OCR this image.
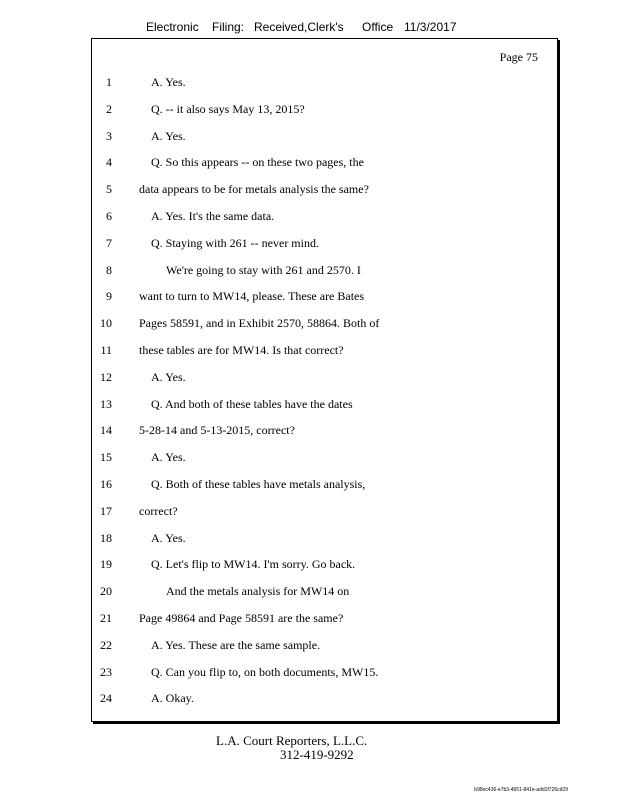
Electronic Filing: Received,Clerk's Office 11/3/2017
Page 75
1	A. Yes.
2	Q. -- it also says May 13, 2015?
3	A. Yes.
4	Q. So this appears -- on these two pages, the
5 data appears to be for metals analysis the same?
6	A. Yes. It's the same data.
7	Q. Staying with 261 -- never mind.
8	We're going to stay with 261 and 2570. I
9 want to turn to MW14, please. These are Bates
10 Pages 58591, and in Exhibit 2570, 58864. Both of
11 these tables are for MW14. Is that correct?
12	A. Yes.
13	Q. And both of these tables have the dates
14 5-28-14 and 5-13-2015, correct?
15	A. Yes.
16	Q. Both of these tables have metals analysis,
17 correct?
18	A. Yes.
19	Q. Let's flip to MW14. I'm sorry. Go back.
20	And the metals analysis for MW14 on
21 Page 49864 and Page 58591 are the same?
22	A. Yes. These are the same sample.
23	Q. Can you flip to, on both documents, MW15.
24	A. Okay.
L.A. Court Reporters, L.L.C.
312-419-9292
b98ec436-e7b3-4651-841e-add1f726cd29
